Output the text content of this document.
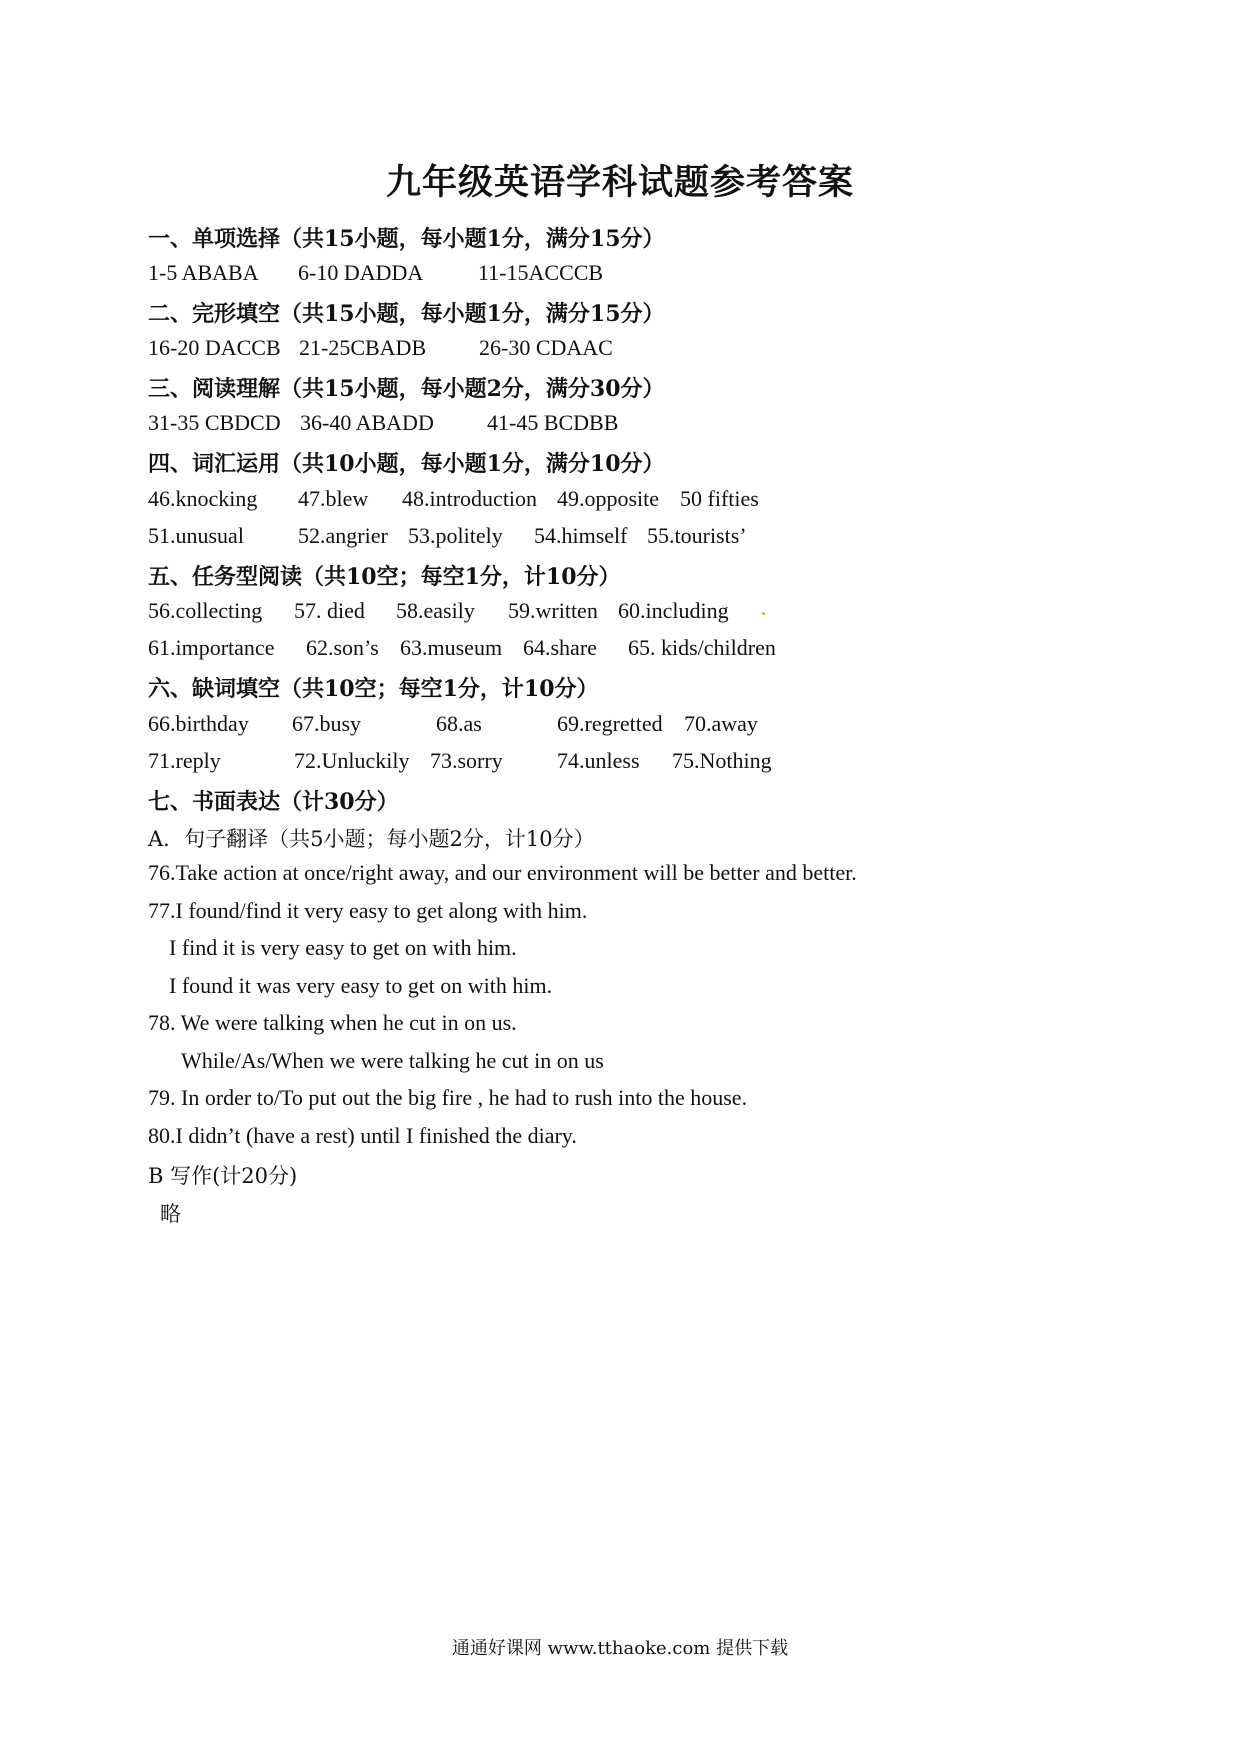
九年级英语学科试题参考答案
一、单项选择（共15小题，每小题1分，满分15分）
1-5 ABABA 6-10 DADDA 11-15ACCCB
二、完形填空（共15小题，每小题1分，满分15分）
16-20 DACCB 21-25CBADB 26-30 CDAAC
三、阅读理解（共15小题，每小题2分，满分30分）
31-35 CBDCD 36-40 ABADD 41-45 BCDBB
四、词汇运用（共10小题，每小题1分，满分10分）
46.knocking 47.blew 48.introduction 49.opposite 50 fifties
51.unusual 52.angrier 53.politely 54.himself 55.tourists’
五、任务型阅读（共10空；每空1分，计10分）
56.collecting 57. died 58.easily 59.written 60.including
61.importance 62.son’s 63.museum 64.share 65. kids/children
六、缺词填空（共10空；每空1分，计10分）
66.birthday 67.busy	68.as	69.regretted 70.away
71.reply	72.Unluckily 73.sorry 74.unless 75.Nothing
七、书面表达（计30分）
A．句子翻译（共5小题；每小题2分，计10分）
76.Take action at once/right away, and our environment will be better and better.
77.I found/find it very easy to get along with him.
I find it is very easy to get on with him.
I found it was very easy to get on with him.
78. We were talking when he cut in on us.
While/As/When we were talking he cut in on us
79. In order to/To put out the big fire , he had to rush into the house.
80.I didn’t (have a rest) until I finished the diary.
B 写作(计20分)
略
通通好课网 www.tthaoke.com 提供下载
